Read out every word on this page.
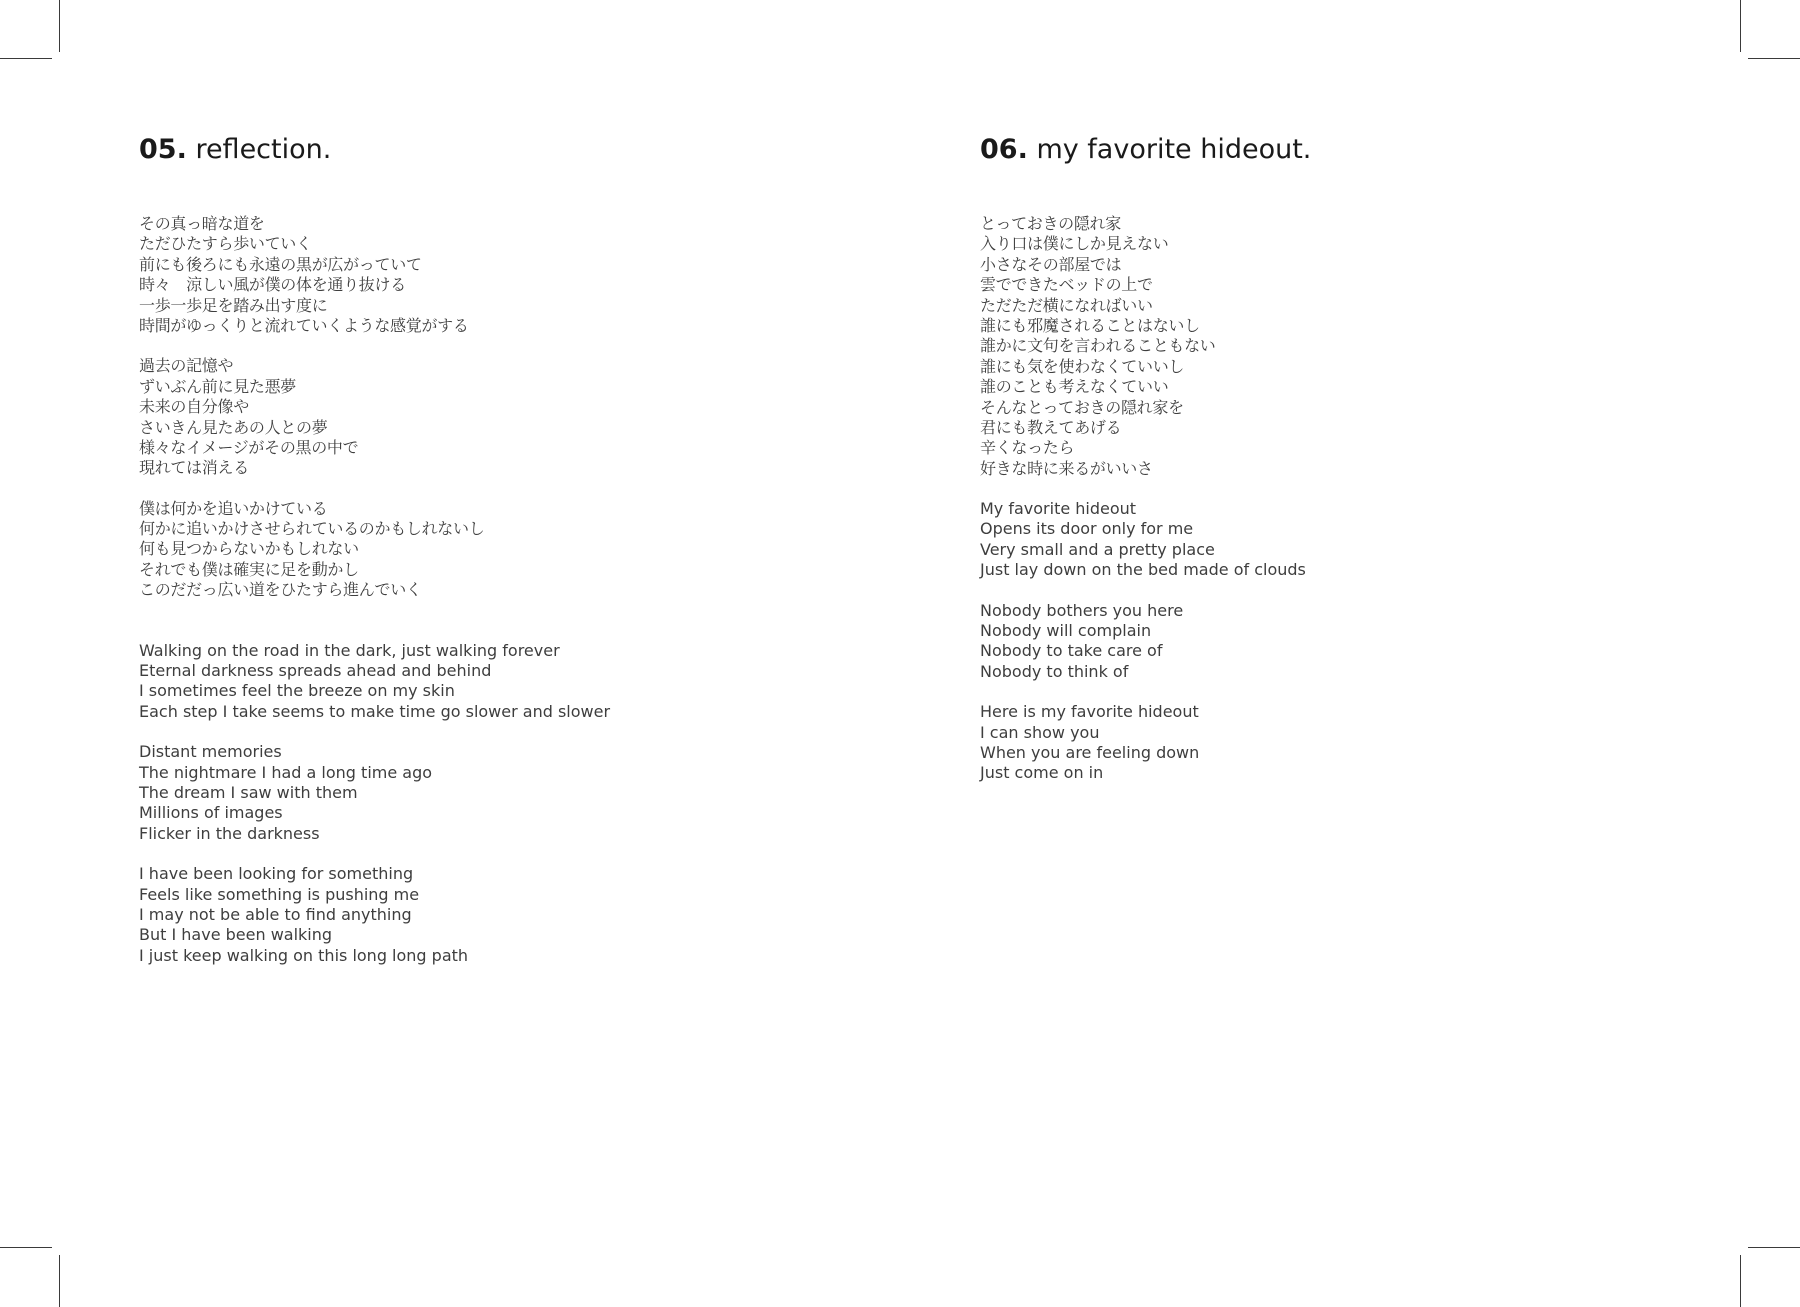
05. reflection.
その真っ暗な道を
ただひたすら歩いていく
前にも後ろにも永遠の黒が広がっていて
時々　涼しい風が僕の体を通り抜ける
一歩一歩足を踏み出す度に
時間がゆっくりと流れていくような感覚がする
過去の記憶や
ずいぶん前に見た悪夢
未来の自分像や
さいきん見たあの人との夢
様々なイメージがその黒の中で
現れては消える
僕は何かを追いかけている
何かに追いかけさせられているのかもしれないし
何も見つからないかもしれない
それでも僕は確実に足を動かし
このだだっ広い道をひたすら進んでいく
Walking on the road in the dark, just walking forever
Eternal darkness spreads ahead and behind
I sometimes feel the breeze on my skin
Each step I take seems to make time go slower and slower
Distant memories
The nightmare I had a long time ago
The dream I saw with them
Millions of images
Flicker in the darkness
I have been looking for something
Feels like something is pushing me
I may not be able to find anything
But I have been walking
I just keep walking on this long long path
06. my favorite hideout.
とっておきの隠れ家
入り口は僕にしか見えない
小さなその部屋では
雲でできたベッドの上で
ただただ横になればいい
誰にも邪魔されることはないし
誰かに文句を言われることもない
誰にも気を使わなくていいし
誰のことも考えなくていい
そんなとっておきの隠れ家を
君にも教えてあげる
辛くなったら
好きな時に来るがいいさ
My favorite hideout
Opens its door only for me
Very small and a pretty place
Just lay down on the bed made of clouds
Nobody bothers you here
Nobody will complain
Nobody to take care of
Nobody to think of
Here is my favorite hideout
I can show you
When you are feeling down
Just come on in
